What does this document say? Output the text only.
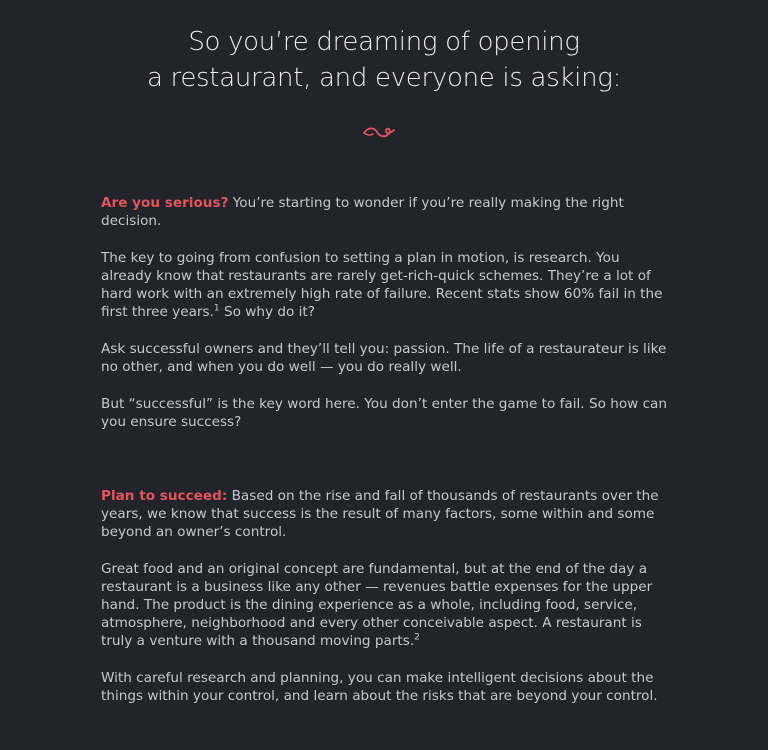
So you’re dreaming of opening
a restaurant, and everyone is asking:

Are you serious? You’re starting to wonder if you’re really making the right decision.

The key to going from confusion to setting a plan in motion, is research. You already know that restaurants are rarely get-rich-quick schemes. They’re a lot of hard work with an extremely high rate of failure. Recent stats show 60% fail in the first three years.$^1$ So why do it?

Ask successful owners and they’ll tell you: passion. The life of a restaurateur is like no other, and when you do well — you do really well.

But “successful” is the key word here. You don’t enter the game to fail. So how can you ensure success?

Plan to succeed: Based on the rise and fall of thousands of restaurants over the years, we know that success is the result of many factors, some within and some beyond an owner’s control.

Great food and an original concept are fundamental, but at the end of the day a restaurant is a business like any other — revenues battle expenses for the upper hand. The product is the dining experience as a whole, including food, service, atmosphere, neighborhood and every other conceivable aspect. A restaurant is truly a venture with a thousand moving parts.$^2$

With careful research and planning, you can make intelligent decisions about the things within your control, and learn about the risks that are beyond your control.
